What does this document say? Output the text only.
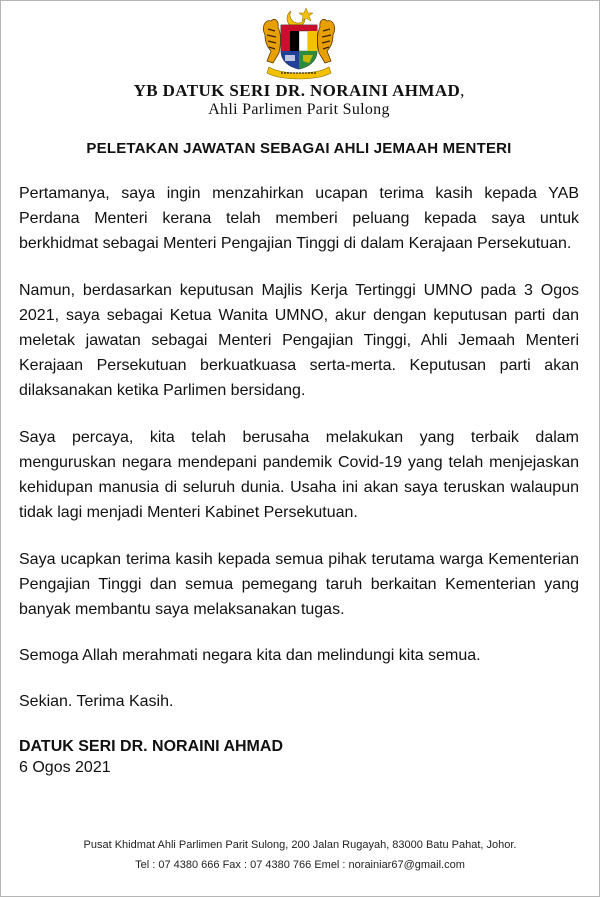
YB DATUK SERI DR. NORAINI AHMAD,
Ahli Parlimen Parit Sulong
PELETAKAN JAWATAN SEBAGAI AHLI JEMAAH MENTERI

Pertamanya, saya ingin menzahirkan ucapan terima kasih kepada YAB Perdana Menteri kerana telah memberi peluang kepada saya untuk berkhidmat sebagai Menteri Pengajian Tinggi di dalam Kerajaan Persekutuan.

Namun, berdasarkan keputusan Majlis Kerja Tertinggi UMNO pada 3 Ogos 2021, saya sebagai Ketua Wanita UMNO, akur dengan keputusan parti dan meletak jawatan sebagai Menteri Pengajian Tinggi, Ahli Jemaah Menteri Kerajaan Persekutuan berkuatkuasa serta-merta. Keputusan parti akan dilaksanakan ketika Parlimen bersidang.

Saya percaya, kita telah berusaha melakukan yang terbaik dalam menguruskan negara mendepani pandemik Covid-19 yang telah menjejaskan kehidupan manusia di seluruh dunia. Usaha ini akan saya teruskan walaupun tidak lagi menjadi Menteri Kabinet Persekutuan.

Saya ucapkan terima kasih kepada semua pihak terutama warga Kementerian Pengajian Tinggi dan semua pemegang taruh berkaitan Kementerian yang banyak membantu saya melaksanakan tugas.

Semoga Allah merahmati negara kita dan melindungi kita semua.

Sekian. Terima Kasih.

DATUK SERI DR. NORAINI AHMAD
6 Ogos 2021
Pusat Khidmat Ahli Parlimen Parit Sulong, 200 Jalan Rugayah, 83000 Batu Pahat, Johor.
Tel : 07 4380 666 Fax : 07 4380 766 Emel : norainiar67@gmail.com
